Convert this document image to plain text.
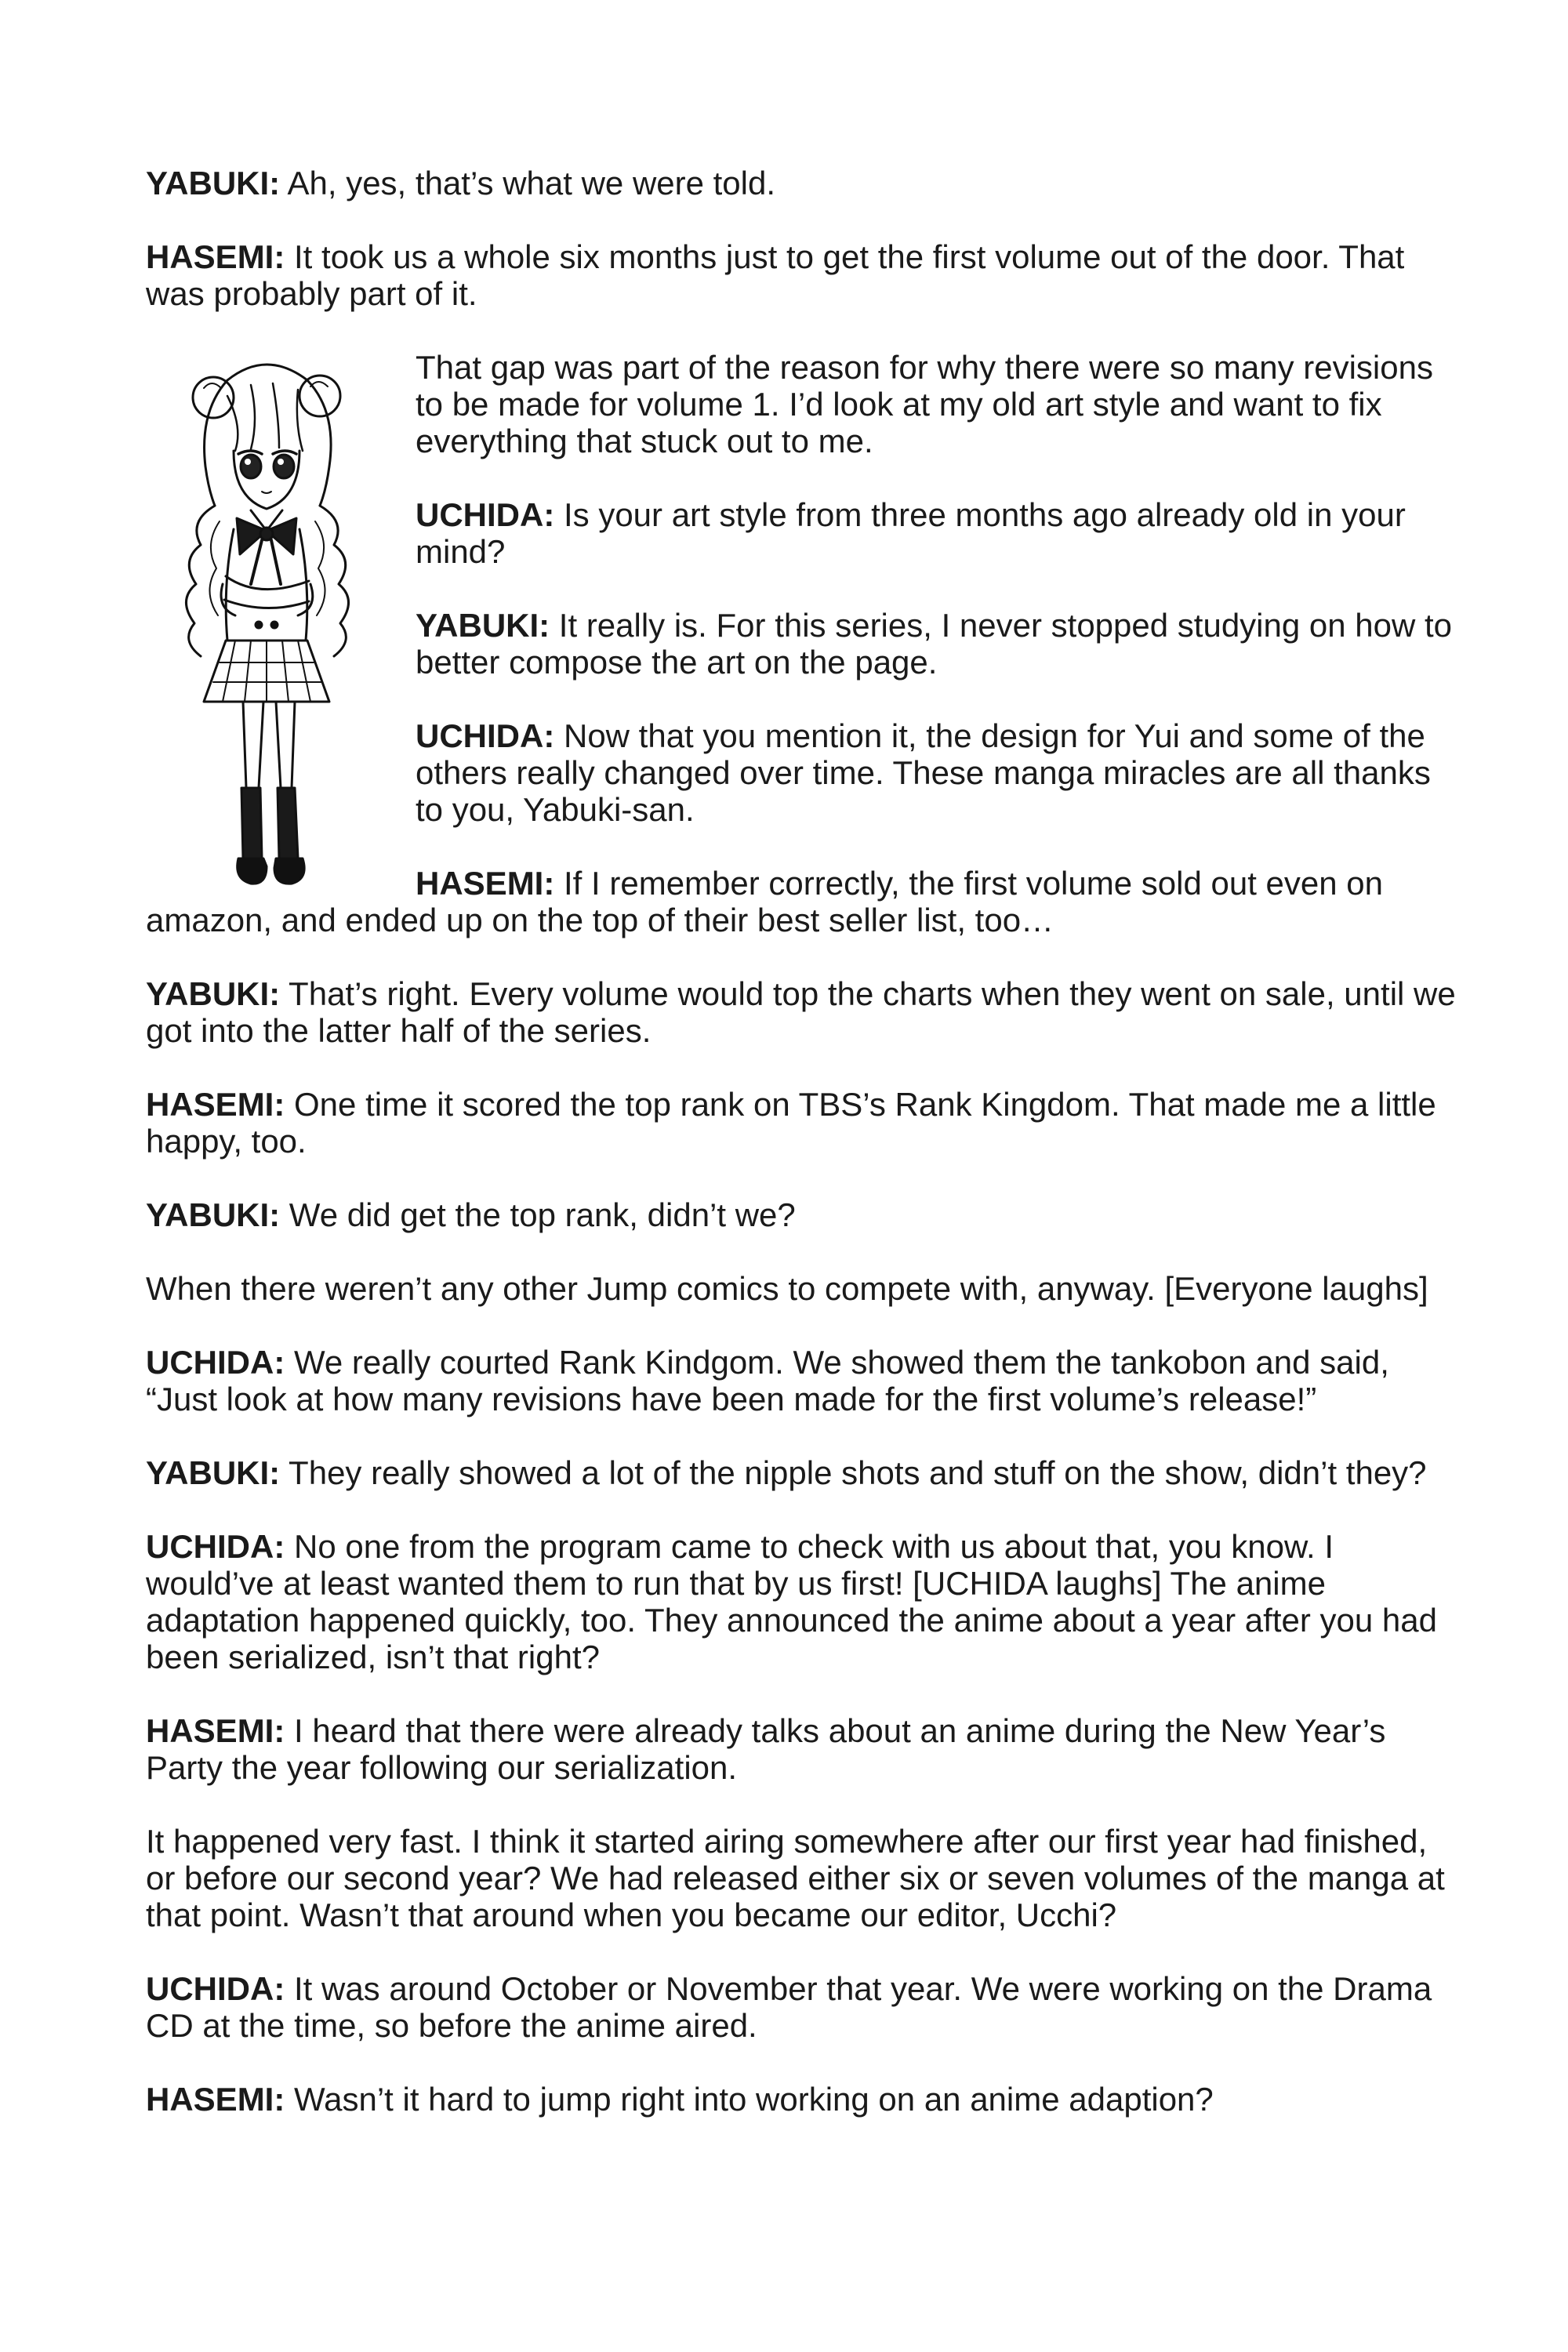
YABUKI: Ah, yes, that’s what we were told.

HASEMI: It took us a whole six months just to get the first volume out of the door. That was probably part of it.

That gap was part of the reason for why there were so many revisions to be made for volume 1. I’d look at my old art style and want to fix everything that stuck out to me.

UCHIDA: Is your art style from three months ago already old in your mind?

YABUKI: It really is. For this series, I never stopped studying on how to better compose the art on the page.

UCHIDA: Now that you mention it, the design for Yui and some of the others really changed over time. These manga miracles are all thanks to you, Yabuki-san.

HASEMI: If I remember correctly, the first volume sold out even on amazon, and ended up on the top of their best seller list, too…

YABUKI: That’s right. Every volume would top the charts when they went on sale, until we got into the latter half of the series.

HASEMI: One time it scored the top rank on TBS’s Rank Kingdom. That made me a little happy, too.

YABUKI: We did get the top rank, didn’t we?

When there weren’t any other Jump comics to compete with, anyway. [Everyone laughs]

UCHIDA: We really courted Rank Kindgom. We showed them the tankobon and said, “Just look at how many revisions have been made for the first volume’s release!”

YABUKI: They really showed a lot of the nipple shots and stuff on the show, didn’t they?

UCHIDA: No one from the program came to check with us about that, you know. I would’ve at least wanted them to run that by us first! [UCHIDA laughs] The anime adaptation happened quickly, too. They announced the anime about a year after you had been serialized, isn’t that right?

HASEMI: I heard that there were already talks about an anime during the New Year’s Party the year following our serialization.

It happened very fast. I think it started airing somewhere after our first year had finished, or before our second year? We had released either six or seven volumes of the manga at that point. Wasn’t that around when you became our editor, Ucchi?

UCHIDA: It was around October or November that year. We were working on the Drama CD at the time, so before the anime aired.

HASEMI: Wasn’t it hard to jump right into working on an anime adaption?
